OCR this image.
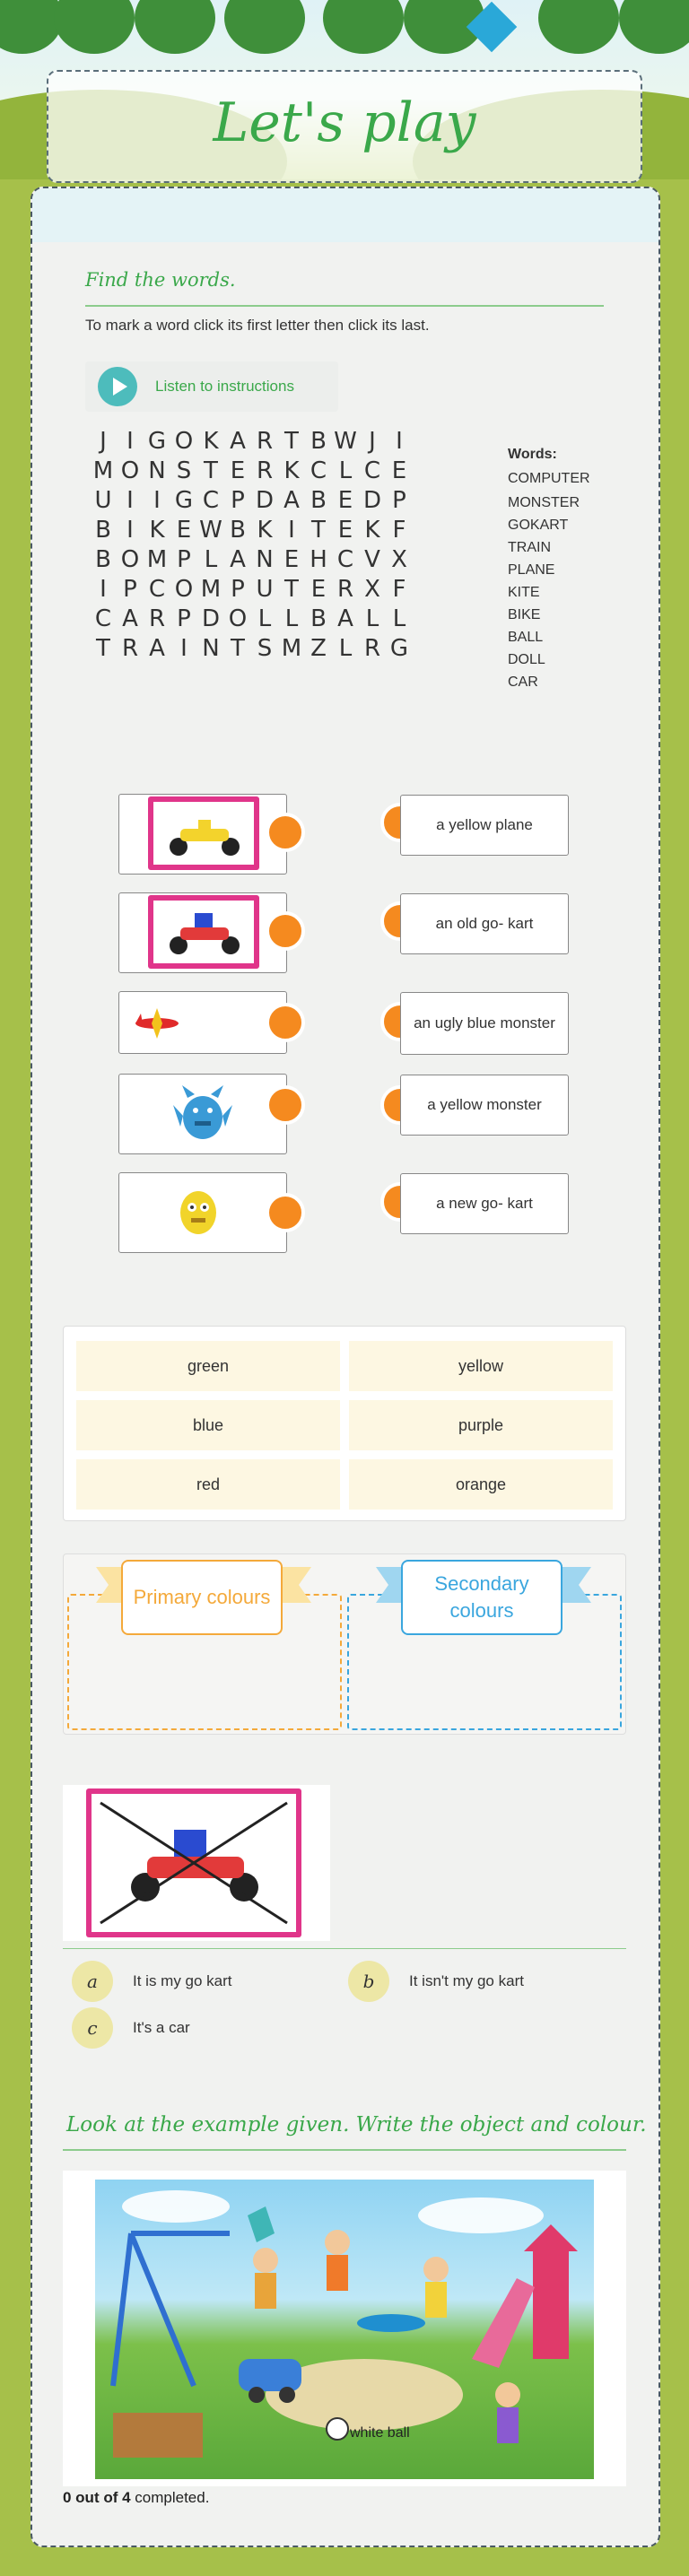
Let's play
Find the words.
To mark a word click its first letter then click its last.
Listen to instructions
J I G O K A R T B W J I
M O N S T E R K C L C E
U I I G C P D A B E D P
B I K E W B K I T E K F
B O M P L A N E H C V X
I P C O M P U T E R X F
C A R P D O L L B A L L
T R A I N T S M Z L R G
Words:
COMPUTER
MONSTER
GOKART
TRAIN
PLANE
KITE
BIKE
BALL
DOLL
CAR
a yellow plane
an old go- kart
an ugly blue monster
a yellow monster
a new go- kart
green	yellow
blue	purple
red	orange
Primary colours
Secondary colours
a	It is my go kart	b	It isn't my go kart
c	It's a car
Look at the example given. Write the object and colour.
white ball
0 out of 4 completed.
